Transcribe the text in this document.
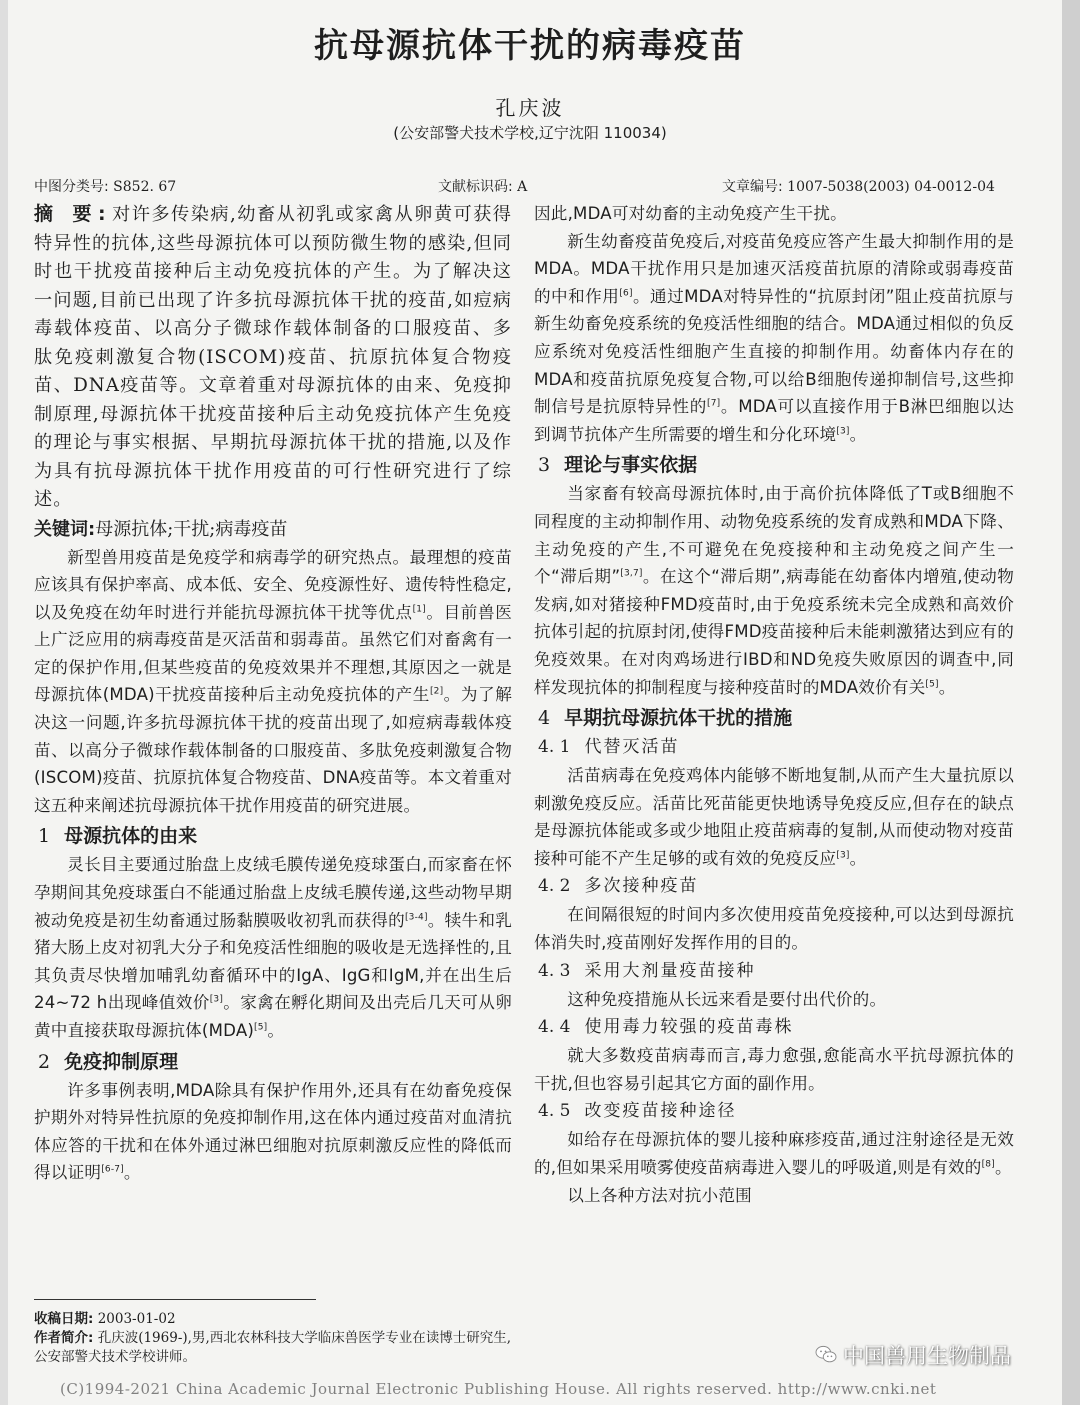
抗母源抗体干扰的病毒疫苗
孔庆波
(公安部警犬技术学校,辽宁沈阳 110034)
中图分类号: S852. 67	文献标识码: A	文章编号: 1007-5038(2003) 04-0012-04

摘 要:对许多传染病,幼畜从初乳或家禽从卵黄可获得特异性的抗体,这些母源抗体可以预防微生物的感染,但同时也干扰疫苗接种后主动免疫抗体的产生。为了解决这一问题,目前已出现了许多抗母源抗体干扰的疫苗,如痘病毒载体疫苗、以高分子微球作载体制备的口服疫苗、多肽免疫刺激复合物(ISCOM)疫苗、抗原抗体复合物疫苗、DNA疫苗等。文章着重对母源抗体的由来、免疫抑制原理,母源抗体干扰疫苗接种后主动免疫抗体产生免疫的理论与事实根据、早期抗母源抗体干扰的措施,以及作为具有抗母源抗体干扰作用疫苗的可行性研究进行了综述。

关键词:母源抗体;干扰;病毒疫苗

新型兽用疫苗是免疫学和病毒学的研究热点。最理想的疫苗应该具有保护率高、成本低、安全、免疫源性好、遗传特性稳定,以及免疫在幼年时进行并能抗母源抗体干扰等优点[1]。目前兽医上广泛应用的病毒疫苗是灭活苗和弱毒苗。虽然它们对畜禽有一定的保护作用,但某些疫苗的免疫效果并不理想,其原因之一就是母源抗体(MDA)干扰疫苗接种后主动免疫抗体的产生[2]。为了解决这一问题,许多抗母源抗体干扰的疫苗出现了,如痘病毒载体疫苗、以高分子微球作载体制备的口服疫苗、多肽免疫刺激复合物(ISCOM)疫苗、抗原抗体复合物疫苗、DNA疫苗等。本文着重对这五种来阐述抗母源抗体干扰作用疫苗的研究进展。

1 母源抗体的由来

灵长目主要通过胎盘上皮绒毛膜传递免疫球蛋白,而家畜在怀孕期间其免疫球蛋白不能通过胎盘上皮绒毛膜传递,这些动物早期被动免疫是初生幼畜通过肠黏膜吸收初乳而获得的[3-4]。犊牛和乳猪大肠上皮对初乳大分子和免疫活性细胞的吸收是无选择性的,且其负责尽快增加哺乳幼畜循环中的IgA、IgG和IgM,并在出生后24~72 h出现峰值效价[3]。家禽在孵化期间及出壳后几天可从卵黄中直接获取母源抗体(MDA)[5]。

2 免疫抑制原理

许多事例表明,MDA除具有保护作用外,还具有在幼畜免疫保护期外对特异性抗原的免疫抑制作用,这在体内通过疫苗对血清抗体应答的干扰和在体外通过淋巴细胞对抗原刺激反应性的降低而得以证明[6-7]。

因此,MDA可对幼畜的主动免疫产生干扰。

新生幼畜疫苗免疫后,对疫苗免疫应答产生最大抑制作用的是MDA。MDA干扰作用只是加速灭活疫苗抗原的清除或弱毒疫苗的中和作用[6]。通过MDA对特异性的“抗原封闭”阻止疫苗抗原与新生幼畜免疫系统的免疫活性细胞的结合。MDA通过相似的负反应系统对免疫活性细胞产生直接的抑制作用。幼畜体内存在的MDA和疫苗抗原免疫复合物,可以给B细胞传递抑制信号,这些抑制信号是抗原特异性的[7]。MDA可以直接作用于B淋巴细胞以达到调节抗体产生所需要的增生和分化环境[3]。

3 理论与事实依据

当家畜有较高母源抗体时,由于高价抗体降低了T或B细胞不同程度的主动抑制作用、动物免疫系统的发育成熟和MDA下降、主动免疫的产生,不可避免在免疫接种和主动免疫之间产生一个“滞后期”[3,7]。在这个“滞后期”,病毒能在幼畜体内增殖,使动物发病,如对猪接种FMD疫苗时,由于免疫系统未完全成熟和高效价抗体引起的抗原封闭,使得FMD疫苗接种后未能刺激猪达到应有的免疫效果。在对肉鸡场进行IBD和ND免疫失败原因的调查中,同样发现抗体的抑制程度与接种疫苗时的MDA效价有关[5]。

4 早期抗母源抗体干扰的措施
4. 1 代替灭活苗

活苗病毒在免疫鸡体内能够不断地复制,从而产生大量抗原以刺激免疫反应。活苗比死苗能更快地诱导免疫反应,但存在的缺点是母源抗体能或多或少地阻止疫苗病毒的复制,从而使动物对疫苗接种可能不产生足够的或有效的免疫反应[3]。

4. 2 多次接种疫苗

在间隔很短的时间内多次使用疫苗免疫接种,可以达到母源抗体消失时,疫苗刚好发挥作用的目的。

4. 3 采用大剂量疫苗接种

这种免疫措施从长远来看是要付出代价的。

4. 4 使用毒力较强的疫苗毒株

就大多数疫苗病毒而言,毒力愈强,愈能高水平抗母源抗体的干扰,但也容易引起其它方面的副作用。

4. 5 改变疫苗接种途径

如给存在母源抗体的婴儿接种麻疹疫苗,通过注射途径是无效的,但如果采用喷雾使疫苗病毒进入婴儿的呼吸道,则是有效的[8]。

以上各种方法对抗小范围

收稿日期: 2003-01-02
作者简介: 孔庆波(1969-),男,西北农林科技大学临床兽医学专业在读博士研究生,公安部警犬技术学校讲师。
(C)1994-2021 China Academic Journal Electronic Publishing House. All rights reserved. http://www.cnki.net
中国兽用生物制品
